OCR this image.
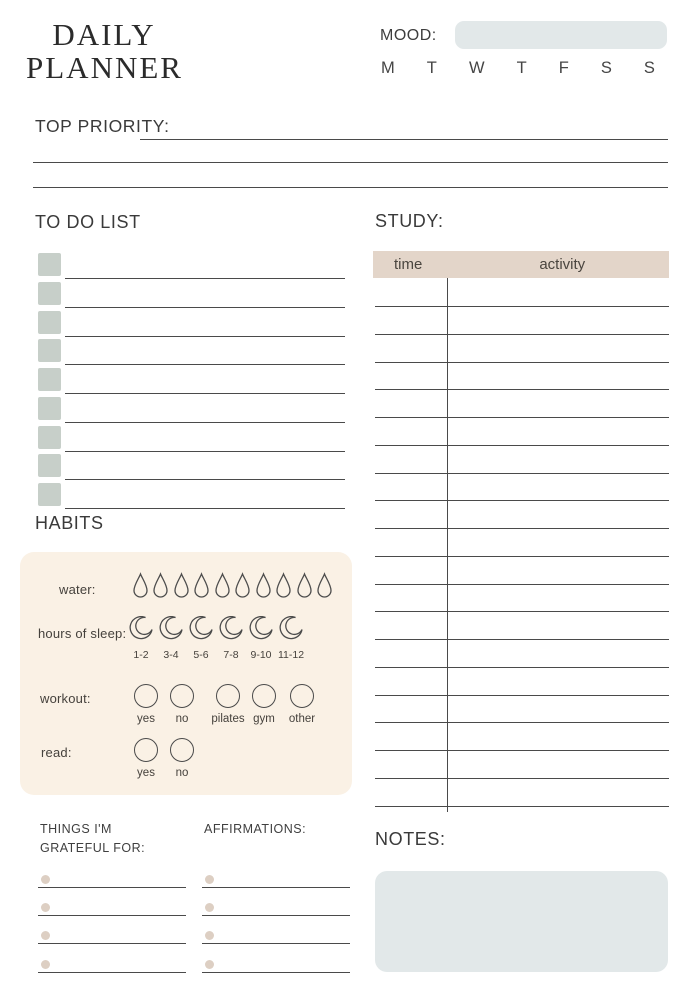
DAILY
PLANNER
MOOD:
M T W T F S S
TOP PRIORITY:
TO DO LIST
HABITS
water:
hours of sleep:
1-2	3-4	5-6	7-8	9-10 11-12
workout:
yes	no	pilates gym	other
read:
yes	no
STUDY:
time	activity
NOTES:
THINGS I'M GRATEFUL FOR:
AFFIRMATIONS:
